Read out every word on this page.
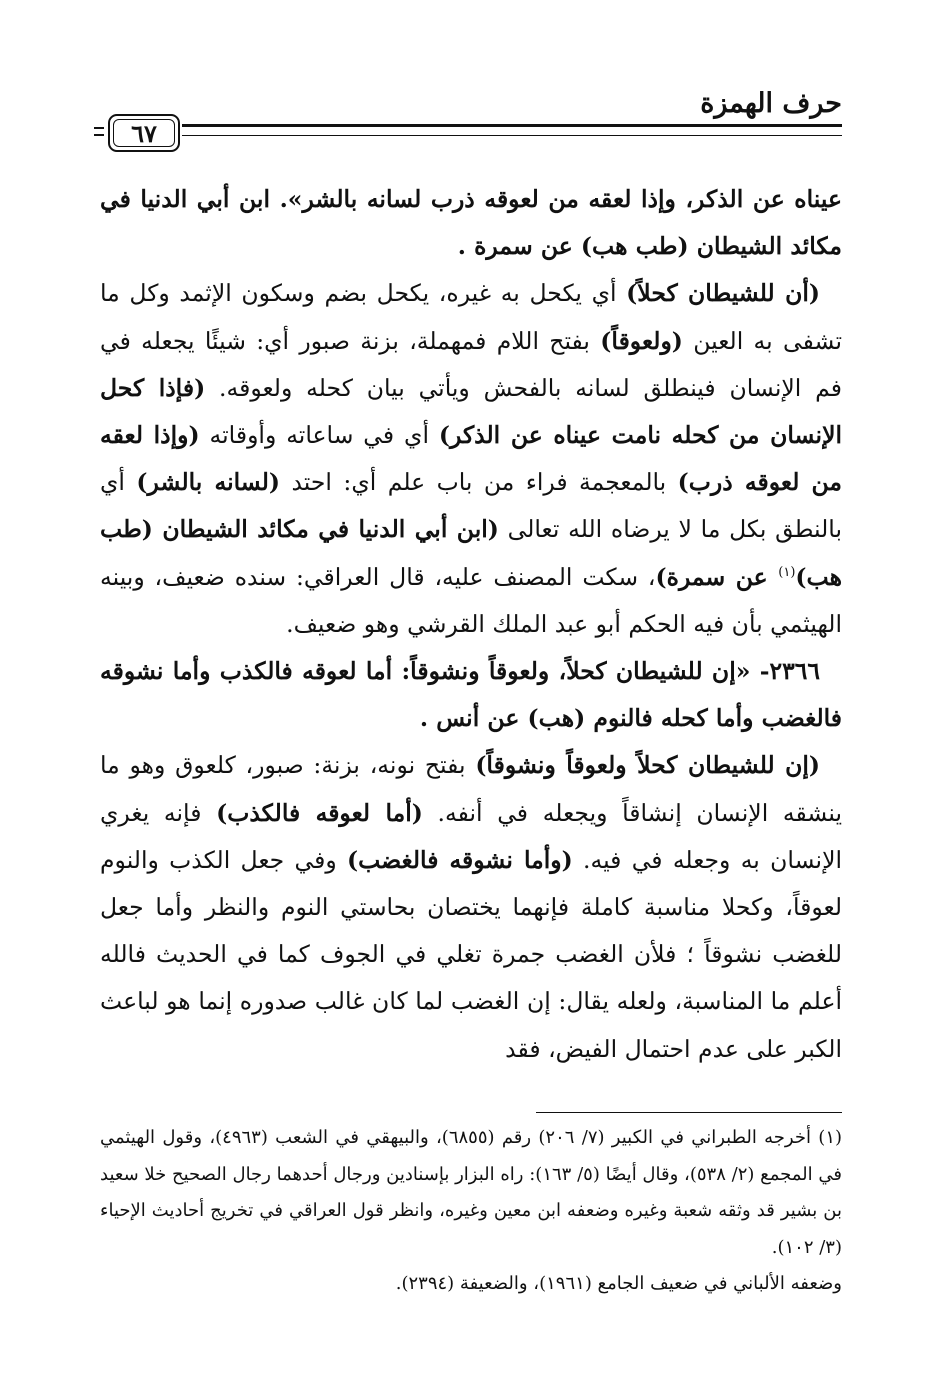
حرف الهمزة
٦٧

عيناه عن الذكر، وإذا لعقه من لعوقه ذرب لسانه بالشر». ابن أبي الدنيا في مكائد الشيطان (طب هب) عن سمرة .

(أن للشيطان كحلاً) أي يكحل به غيره، يكحل بضم وسكون الإثمد وكل ما تشفى به العين (ولعوقاً) بفتح اللام فمهملة، بزنة صبور أي: شيئًا يجعله في فم الإنسان فينطلق لسانه بالفحش ويأتي بيان كحله ولعوقه. (فإذا كحل الإنسان من كحله نامت عيناه عن الذكر) أي في ساعاته وأوقاته (وإذا لعقه من لعوقه ذرب) بالمعجمة فراء من باب علم أي: احتد (لسانه بالشر) أي بالنطق بكل ما لا يرضاه الله تعالى (ابن أبي الدنيا في مكائد الشيطان (طب هب)$^{(١)}$ عن سمرة)، سكت المصنف عليه، قال العراقي: سنده ضعيف، وبينه الهيثمي بأن فيه الحكم أبو عبد الملك القرشي وهو ضعيف.

٢٣٦٦- «إن للشيطان كحلاً، ولعوقاً ونشوقاً: أما لعوقه فالكذب وأما نشوقه فالغضب وأما كحله فالنوم (هب) عن أنس .

(إن للشيطان كحلاً ولعوقاً ونشوقاً) بفتح نونه، بزنة: صبور، كلعوق وهو ما ينشقه الإنسان إنشاقاً ويجعله في أنفه. (أما لعوقه فالكذب) فإنه يغري الإنسان به وجعله في فيه. (وأما نشوقه فالغضب) وفي جعل الكذب والنوم لعوقاً، وكحلا مناسبة كاملة فإنهما يختصان بحاستي النوم والنظر وأما جعل للغضب نشوقاً ؛ فلأن الغضب جمرة تغلي في الجوف كما في الحديث فالله أعلم ما المناسبة، ولعله يقال: إن الغضب لما كان غالب صدوره إنما هو لباعث الكبر على عدم احتمال الفيض، فقد

(١) أخرجه الطبراني في الكبير (٧/ ٢٠٦) رقم (٦٨٥٥)، والبيهقي في الشعب (٤٩٦٣)، وقول الهيثمي في المجمع (٢/ ٥٣٨)، وقال أيضًا (٥/ ١٦٣): راه البزار بإسنادين ورجال أحدهما رجال الصحيح خلا سعيد بن بشير قد وثقه شعبة وغيره وضعفه ابن معين وغيره، وانظر قول العراقي في تخريج أحاديث الإحياء (٣/ ١٠٢).

وضعفه الألباني في ضعيف الجامع (١٩٦١)، والضعيفة (٢٣٩٤).
